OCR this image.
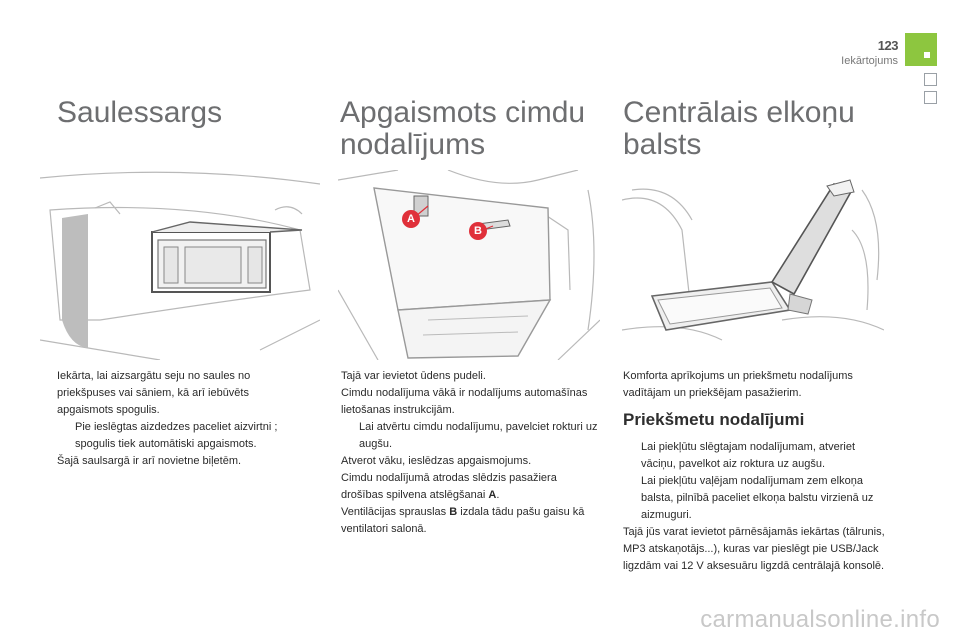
123
Iekārtojums
Saulessargs

Iekārta, lai aizsargātu seju no saules no priekšpuses vai sāniem, kā arī iebūvēts apgaismots spogulis.

Pie ieslēgtas aizdedzes paceliet aizvirtni ; spogulis tiek automātiski apgaismots.

Šajā saulsargā ir arī novietne biļetēm.

Apgaismots cimdu
nodalījums
A
B

Tajā var ievietot ūdens pudeli.

Cimdu nodalījuma vākā ir nodalījums automašīnas lietošanas instrukcijām.

Lai atvērtu cimdu nodalījumu, pavelciet rokturi uz augšu.

Atverot vāku, ieslēdzas apgaismojums.

Cimdu nodalījumā atrodas slēdzis pasažiera drošības spilvena atslēgšanai A.

Ventilācijas sprauslas B izdala tādu pašu gaisu kā ventilatori salonā.

Centrālais elkoņu
balsts

Komforta aprīkojums un priekšmetu nodalījums vadītājam un priekšējam pasažierim.

Priekšmetu nodalījumi
Lai piekļūtu slēgtajam nodalījumam, atveriet vāciņu, pavelkot aiz roktura uz augšu.
Lai piekļūtu vaļējam nodalījumam zem elkoņa balsta, pilnībā paceliet elkoņa balstu virzienā uz aizmuguri.

Tajā jūs varat ievietot pārnēsājamās iekārtas (tālrunis, MP3 atskaņotājs...), kuras var pieslēgt pie USB/Jack ligzdām vai 12 V aksesuāru ligzdā centrālajā konsolē.

carmanualsonline.info
